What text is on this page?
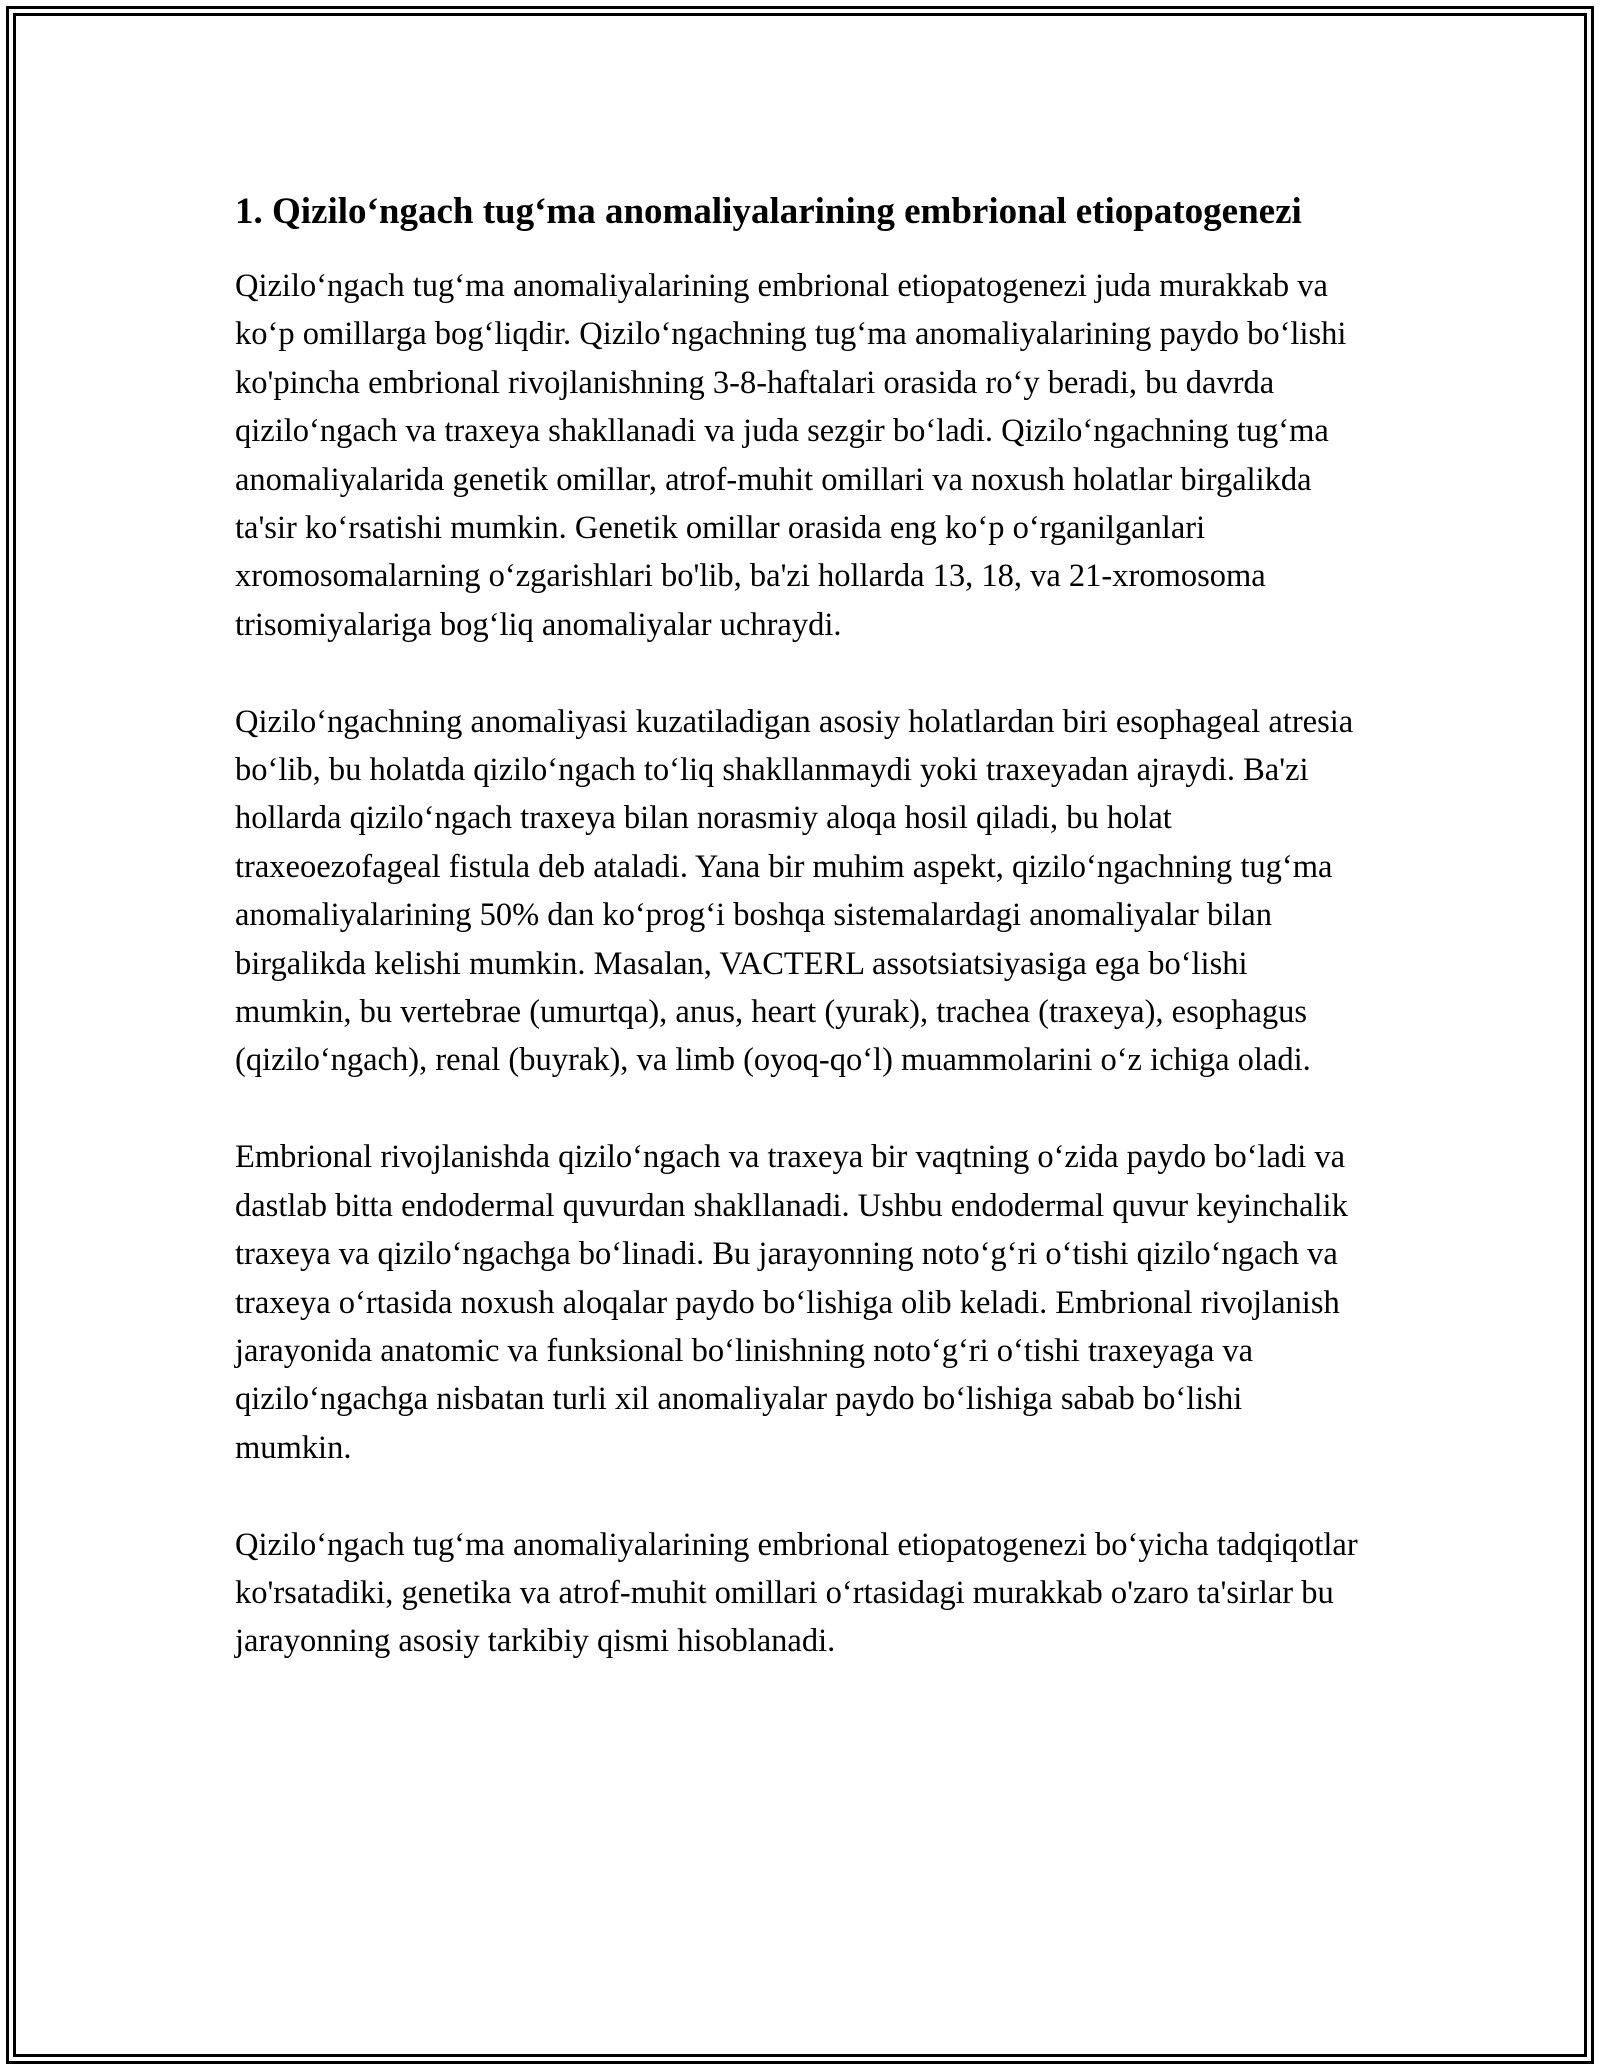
1. Qizilo‘ngach tug‘ma anomaliyalarining embrional etiopatogenezi

Qizilo‘ngach tug‘ma anomaliyalarining embrional etiopatogenezi juda murakkab va ko‘p omillarga bog‘liqdir. Qizilo‘ngachning tug‘ma anomaliyalarining paydo bo‘lishi ko'pincha embrional rivojlanishning 3-8-haftalari orasida ro‘y beradi, bu davrda qizilo‘ngach va traxeya shakllanadi va juda sezgir bo‘ladi. Qizilo‘ngachning tug‘ma anomaliyalarida genetik omillar, atrof-muhit omillari va noxush holatlar birgalikda ta'sir ko‘rsatishi mumkin. Genetik omillar orasida eng ko‘p o‘rganilganlari xromosomalarning o‘zgarishlari bo'lib, ba'zi hollarda 13, 18, va 21-xromosoma trisomiyalariga bog‘liq anomaliyalar uchraydi.

Qizilo‘ngachning anomaliyasi kuzatiladigan asosiy holatlardan biri esophageal atresia bo‘lib, bu holatda qizilo‘ngach to‘liq shakllanmaydi yoki traxeyadan ajraydi. Ba'zi hollarda qizilo‘ngach traxeya bilan norasmiy aloqa hosil qiladi, bu holat traxeoezofageal fistula deb ataladi. Yana bir muhim aspekt, qizilo‘ngachning tug‘ma anomaliyalarining 50% dan ko‘prog‘i boshqa sistemalardagi anomaliyalar bilan birgalikda kelishi mumkin. Masalan, VACTERL assotsiatsiyasiga ega bo‘lishi mumkin, bu vertebrae (umurtqa), anus, heart (yurak), trachea (traxeya), esophagus (qizilo‘ngach), renal (buyrak), va limb (oyoq-qo‘l) muammolarini o‘z ichiga oladi.

Embrional rivojlanishda qizilo‘ngach va traxeya bir vaqtning o‘zida paydo bo‘ladi va dastlab bitta endodermal quvurdan shakllanadi. Ushbu endodermal quvur keyinchalik traxeya va qizilo‘ngachga bo‘linadi. Bu jarayonning noto‘g‘ri o‘tishi qizilo‘ngach va traxeya o‘rtasida noxush aloqalar paydo bo‘lishiga olib keladi. Embrional rivojlanish jarayonida anatomic va funksional bo‘linishning noto‘g‘ri o‘tishi traxeyaga va qizilo‘ngachga nisbatan turli xil anomaliyalar paydo bo‘lishiga sabab bo‘lishi mumkin.

Qizilo‘ngach tug‘ma anomaliyalarining embrional etiopatogenezi bo‘yicha tadqiqotlar ko'rsatadiki, genetika va atrof-muhit omillari o‘rtasidagi murakkab o'zaro ta'sirlar bu jarayonning asosiy tarkibiy qismi hisoblanadi.
